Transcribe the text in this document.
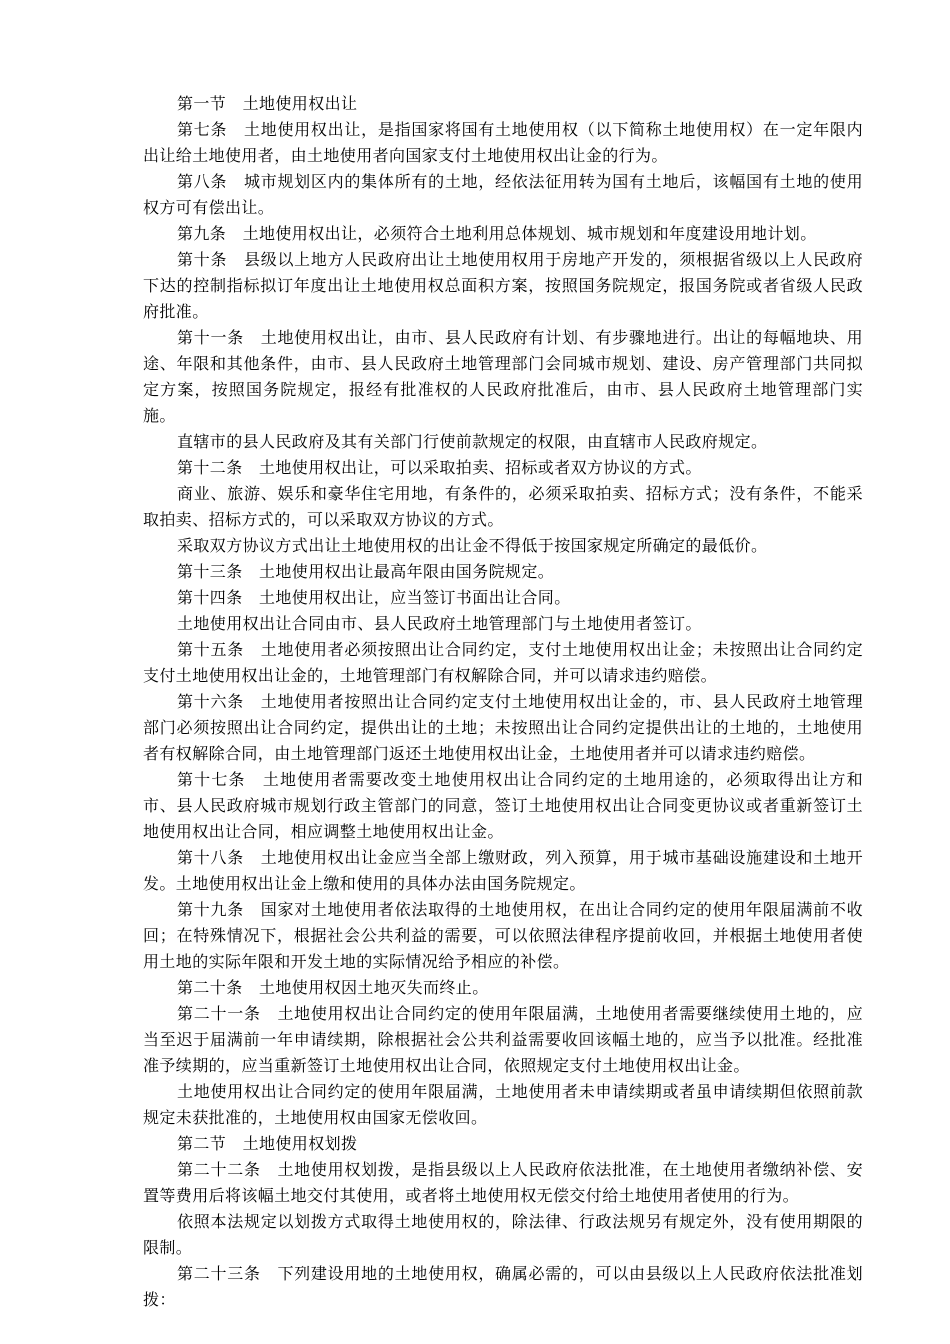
第一节　土地使用权出让

第七条　土地使用权出让，是指国家将国有土地使用权（以下简称土地使用权）在一定年限内出让给土地使用者，由土地使用者向国家支付土地使用权出让金的行为。

第八条　城市规划区内的集体所有的土地，经依法征用转为国有土地后，该幅国有土地的使用权方可有偿出让。

第九条　土地使用权出让，必须符合土地利用总体规划、城市规划和年度建设用地计划。

第十条　县级以上地方人民政府出让土地使用权用于房地产开发的，须根据省级以上人民政府下达的控制指标拟订年度出让土地使用权总面积方案，按照国务院规定，报国务院或者省级人民政府批准。

第十一条　土地使用权出让，由市、县人民政府有计划、有步骤地进行。出让的每幅地块、用途、年限和其他条件，由市、县人民政府土地管理部门会同城市规划、建设、房产管理部门共同拟定方案，按照国务院规定，报经有批准权的人民政府批准后，由市、县人民政府土地管理部门实施。

直辖市的县人民政府及其有关部门行使前款规定的权限，由直辖市人民政府规定。

第十二条　土地使用权出让，可以采取拍卖、招标或者双方协议的方式。

商业、旅游、娱乐和豪华住宅用地，有条件的，必须采取拍卖、招标方式；没有条件，不能采取拍卖、招标方式的，可以采取双方协议的方式。

采取双方协议方式出让土地使用权的出让金不得低于按国家规定所确定的最低价。

第十三条　土地使用权出让最高年限由国务院规定。

第十四条　土地使用权出让，应当签订书面出让合同。

土地使用权出让合同由市、县人民政府土地管理部门与土地使用者签订。

第十五条　土地使用者必须按照出让合同约定，支付土地使用权出让金；未按照出让合同约定支付土地使用权出让金的，土地管理部门有权解除合同，并可以请求违约赔偿。

第十六条　土地使用者按照出让合同约定支付土地使用权出让金的，市、县人民政府土地管理部门必须按照出让合同约定，提供出让的土地；未按照出让合同约定提供出让的土地的，土地使用者有权解除合同，由土地管理部门返还土地使用权出让金，土地使用者并可以请求违约赔偿。

第十七条　土地使用者需要改变土地使用权出让合同约定的土地用途的，必须取得出让方和市、县人民政府城市规划行政主管部门的同意，签订土地使用权出让合同变更协议或者重新签订土地使用权出让合同，相应调整土地使用权出让金。

第十八条　土地使用权出让金应当全部上缴财政，列入预算，用于城市基础设施建设和土地开发。土地使用权出让金上缴和使用的具体办法由国务院规定。

第十九条　国家对土地使用者依法取得的土地使用权，在出让合同约定的使用年限届满前不收回；在特殊情况下，根据社会公共利益的需要，可以依照法律程序提前收回，并根据土地使用者使用土地的实际年限和开发土地的实际情况给予相应的补偿。

第二十条　土地使用权因土地灭失而终止。

第二十一条　土地使用权出让合同约定的使用年限届满，土地使用者需要继续使用土地的，应当至迟于届满前一年申请续期，除根据社会公共利益需要收回该幅土地的，应当予以批准。经批准准予续期的，应当重新签订土地使用权出让合同，依照规定支付土地使用权出让金。

土地使用权出让合同约定的使用年限届满，土地使用者未申请续期或者虽申请续期但依照前款规定未获批准的，土地使用权由国家无偿收回。

第二节　土地使用权划拨

第二十二条　土地使用权划拨，是指县级以上人民政府依法批准，在土地使用者缴纳补偿、安置等费用后将该幅土地交付其使用，或者将土地使用权无偿交付给土地使用者使用的行为。

依照本法规定以划拨方式取得土地使用权的，除法律、行政法规另有规定外，没有使用期限的限制。

第二十三条　下列建设用地的土地使用权，确属必需的，可以由县级以上人民政府依法批准划拨：
